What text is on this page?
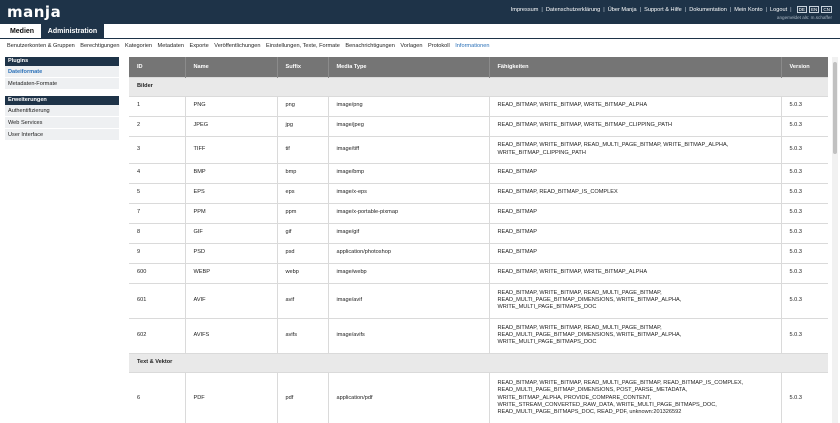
manja	Impressum | Datenschutzerklärung | Über Manja | Support & Hilfe | Dokumentation | Mein Konto | Logout |	DE	EN	CN
angemeldet als: m.schaffer
Medien	Administration
Benutzerkonten & Gruppen Berechtigungen Kategorien Metadaten Exporte Veröffentlichungen Einstellungen, Texte, Formate Benachrichtigungen Vorlagen Protokoll Informationen
Plugins
Dateiformate
Metadaten-Formate
Erweiterungen
Authentifizierung
Web Services
User Interface
ID	Name	Suffix	Media Type	Fähigkeiten	Version
Bilder					
1	PNG	png	image/png	READ_BITMAP, WRITE_BITMAP, WRITE_BITMAP_ALPHA	5.0.3
2	JPEG	jpg	image/jpeg	READ_BITMAP, WRITE_BITMAP, WRITE_BITMAP_CLIPPING_PATH	5.0.3
3	TIFF	tif	image/tiff	READ_BITMAP, WRITE_BITMAP, READ_MULTI_PAGE_BITMAP, WRITE_BITMAP_ALPHA,
WRITE_BITMAP_CLIPPING_PATH	5.0.3
4	BMP	bmp	image/bmp	READ_BITMAP	5.0.3
5	EPS	eps	image/x-eps	READ_BITMAP, READ_BITMAP_IS_COMPLEX	5.0.3
7	PPM	ppm	image/x-portable-pixmap	READ_BITMAP	5.0.3
8	GIF	gif	image/gif	READ_BITMAP	5.0.3
9	PSD	psd	application/photoshop	READ_BITMAP	5.0.3
600	WEBP	webp	image/webp	READ_BITMAP, WRITE_BITMAP, WRITE_BITMAP_ALPHA	5.0.3
601	AVIF	avif	image/avif	READ_BITMAP, WRITE_BITMAP, READ_MULTI_PAGE_BITMAP,
READ_MULTI_PAGE_BITMAP_DIMENSIONS, WRITE_BITMAP_ALPHA,
WRITE_MULTI_PAGE_BITMAPS_DOC	5.0.3
602	AVIFS	avifs	image/avifs	READ_BITMAP, WRITE_BITMAP, READ_MULTI_PAGE_BITMAP,
READ_MULTI_PAGE_BITMAP_DIMENSIONS, WRITE_BITMAP_ALPHA,
WRITE_MULTI_PAGE_BITMAPS_DOC	5.0.3
Text & Vektor					
6	PDF	pdf	application/pdf	READ_BITMAP, WRITE_BITMAP, READ_MULTI_PAGE_BITMAP, READ_BITMAP_IS_COMPLEX,
READ_MULTI_PAGE_BITMAP_DIMENSIONS, POST_PARSE_METADATA,
WRITE_BITMAP_ALPHA, PROVIDE_COMPARE_CONTENT,
WRITE_STREAM_CONVERTED_RAW_DATA, WRITE_MULTI_PAGE_BITMAPS_DOC,
READ_MULTI_PAGE_BITMAPS_DOC, READ_PDF, unknown:201326592	5.0.3
